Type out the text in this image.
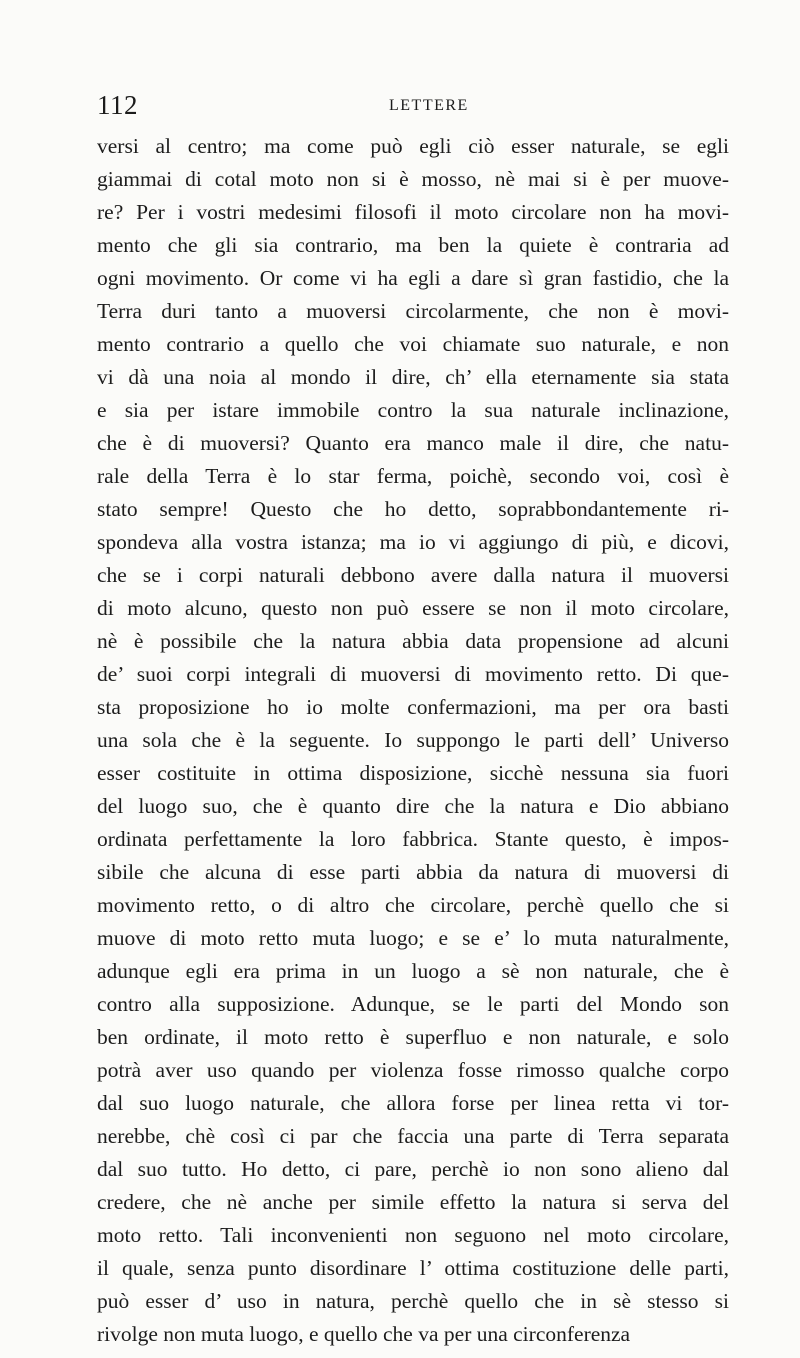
112	LETTERE
versi al centro; ma come può egli ciò esser naturale, se egli
giammai di cotal moto non si è mosso, nè mai si è per muove-
re? Per i vostri medesimi filosofi il moto circolare non ha movi-
mento che gli sia contrario, ma ben la quiete è contraria ad
ogni movimento. Or come vi ha egli a dare sì gran fastidio, che la
Terra duri tanto a muoversi circolarmente, che non è movi-
mento contrario a quello che voi chiamate suo naturale, e non
vi dà una noia al mondo il dire, ch’ ella eternamente sia stata
e sia per istare immobile contro la sua naturale inclinazione,
che è di muoversi? Quanto era manco male il dire, che natu-
rale della Terra è lo star ferma, poichè, secondo voi, così è
stato sempre! Questo che ho detto, soprabbondantemente ri-
spondeva alla vostra istanza; ma io vi aggiungo di più, e dicovi,
che se i corpi naturali debbono avere dalla natura il muoversi
di moto alcuno, questo non può essere se non il moto circolare,
nè è possibile che la natura abbia data propensione ad alcuni
de’ suoi corpi integrali di muoversi di movimento retto. Di que-
sta proposizione ho io molte confermazioni, ma per ora basti
una sola che è la seguente. Io suppongo le parti dell’ Universo
esser costituite in ottima disposizione, sicchè nessuna sia fuori
del luogo suo, che è quanto dire che la natura e Dio abbiano
ordinata perfettamente la loro fabbrica. Stante questo, è impos-
sibile che alcuna di esse parti abbia da natura di muoversi di
movimento retto, o di altro che circolare, perchè quello che si
muove di moto retto muta luogo; e se e’ lo muta naturalmente,
adunque egli era prima in un luogo a sè non naturale, che è
contro alla supposizione. Adunque, se le parti del Mondo son
ben ordinate, il moto retto è superfluo e non naturale, e solo
potrà aver uso quando per violenza fosse rimosso qualche corpo
dal suo luogo naturale, che allora forse per linea retta vi tor-
nerebbe, chè così ci par che faccia una parte di Terra separata
dal suo tutto. Ho detto, ci pare, perchè io non sono alieno dal
credere, che nè anche per simile effetto la natura si serva del
moto retto. Tali inconvenienti non seguono nel moto circolare,
il quale, senza punto disordinare l’ ottima costituzione delle parti,
può esser d’ uso in natura, perchè quello che in sè stesso si
rivolge non muta luogo, e quello che va per una circonferenza
